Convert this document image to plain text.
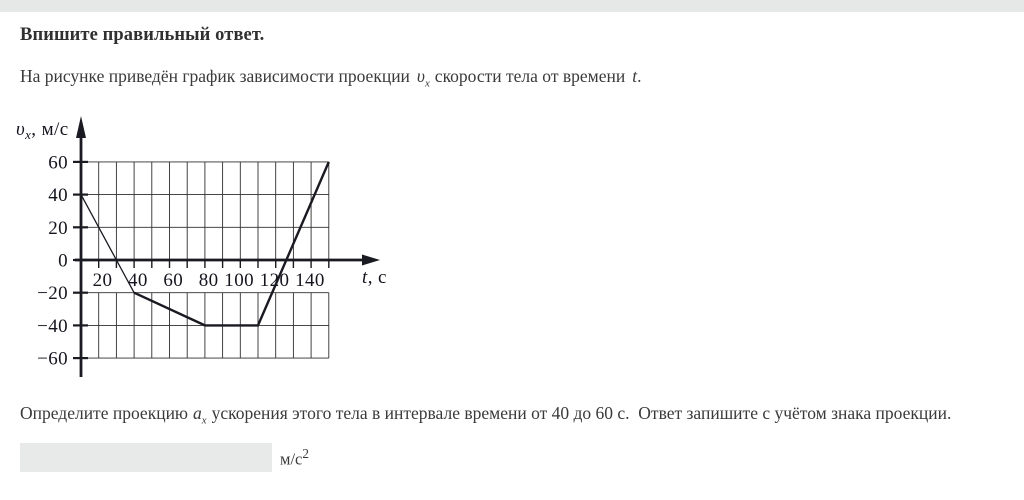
Впишите правильный ответ.

На рисунке приведён график зависимости проекции $\upsilon_x$ скорости тела от времени t.

60
40
20
0
−20
−40
−60
20 40 60 80 100 120 140
$\upsilon_x$, м/с
t, с

Определите проекцию $a_x$ ускорения этого тела в интервале времени от 40 до 60 с.  Ответ запишите с учётом знака проекции.

$м/с^2$
